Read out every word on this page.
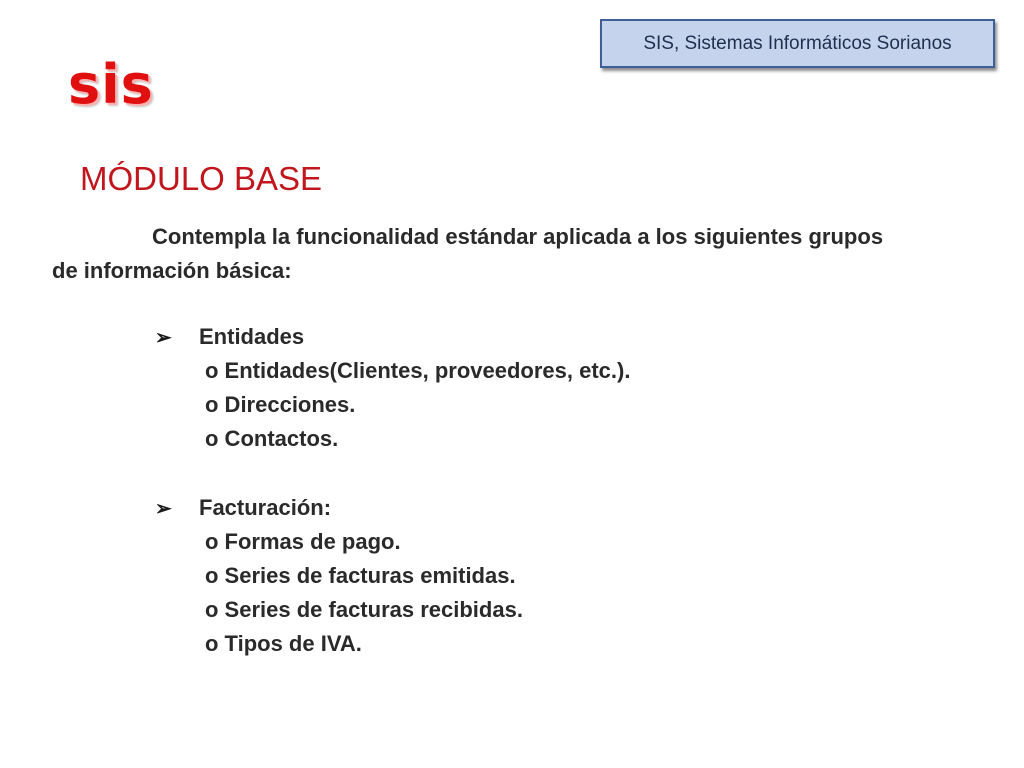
SIS, Sistemas Informáticos Sorianos
sis
MÓDULO BASE
Contempla la funcionalidad estándar aplicada a los siguientes grupos
de información básica:
➢	Entidades
o Entidades(Clientes, proveedores, etc.).
o Direcciones.
o Contactos.
➢	Facturación:
o Formas de pago.
o Series de facturas emitidas.
o Series de facturas recibidas.
o Tipos de IVA.
